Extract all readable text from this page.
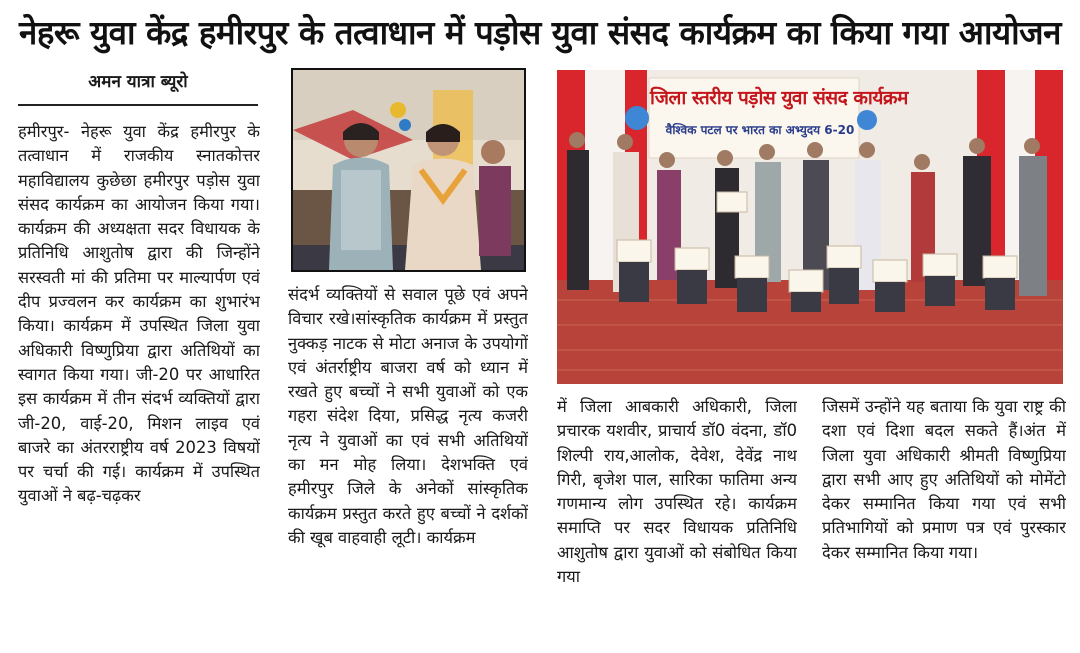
नेहरू युवा केंद्र हमीरपुर के तत्वाधान में पड़ोस युवा संसद कार्यक्रम का किया गया आयोजन
अमन यात्रा ब्यूरो

हमीरपुर- नेहरू युवा केंद्र हमीरपुर के तत्वाधान में राजकीय स्नातकोत्तर महाविद्यालय कुछेछा हमीरपुर पड़ोस युवा संसद कार्यक्रम का आयोजन किया गया। कार्यक्रम की अध्यक्षता सदर विधायक के प्रतिनिधि आशुतोष द्वारा की जिन्होंने सरस्वती मां की प्रतिमा पर माल्यार्पण एवं दीप प्रज्वलन कर कार्यक्रम का शुभारंभ किया। कार्यक्रम में उपस्थित जिला युवा अधिकारी विष्णुप्रिया द्वारा अतिथियों का स्वागत किया गया। जी-20 पर आधारित इस कार्यक्रम में तीन संदर्भ व्यक्तियों द्वारा जी-20, वाई-20, मिशन लाइव एवं बाजरे का अंतरराष्ट्रीय वर्ष 2023 विषयों पर चर्चा की गई। कार्यक्रम में उपस्थित युवाओं ने बढ़-चढ़कर

संदर्भ व्यक्तियों से सवाल पूछे एवं अपने विचार रखे।सांस्कृतिक कार्यक्रम में प्रस्तुत नुक्कड़ नाटक से मोटा अनाज के उपयोगों एवं अंतर्राष्ट्रीय बाजरा वर्ष को ध्यान में रखते हुए बच्चों ने सभी युवाओं को एक गहरा संदेश दिया, प्रसिद्ध नृत्य कजरी नृत्य ने युवाओं का एवं सभी अतिथियों का मन मोह लिया। देशभक्ति एवं हमीरपुर जिले के अनेकों सांस्कृतिक कार्यक्रम प्रस्तुत करते हुए बच्चों ने दर्शकों की खूब वाहवाही लूटी। कार्यक्रम

में जिला आबकारी अधिकारी, जिला प्रचारक यशवीर, प्राचार्य डॉ0 वंदना, डॉ0 शिल्पी राय,आलोक, देवेश, देवेंद्र नाथ गिरी, बृजेश पाल, सारिका फातिमा अन्य गणमान्य लोग उपस्थित रहे। कार्यक्रम समाप्ति पर सदर विधायक प्रतिनिधि आशुतोष द्वारा युवाओं को संबोधित किया गया

जिसमें उन्होंने यह बताया कि युवा राष्ट्र की दशा एवं दिशा बदल सकते हैं।अंत में जिला युवा अधिकारी श्रीमती विष्णुप्रिया द्वारा सभी आए हुए अतिथियों को मोमेंटो देकर सम्मानित किया गया एवं सभी प्रतिभागियों को प्रमाण पत्र एवं पुरस्कार देकर सम्मानित किया गया।

जिला स्तरीय पड़ोस युवा संसद कार्यक्रम
वैश्विक पटल पर भारत का अभ्युदय 6-20
